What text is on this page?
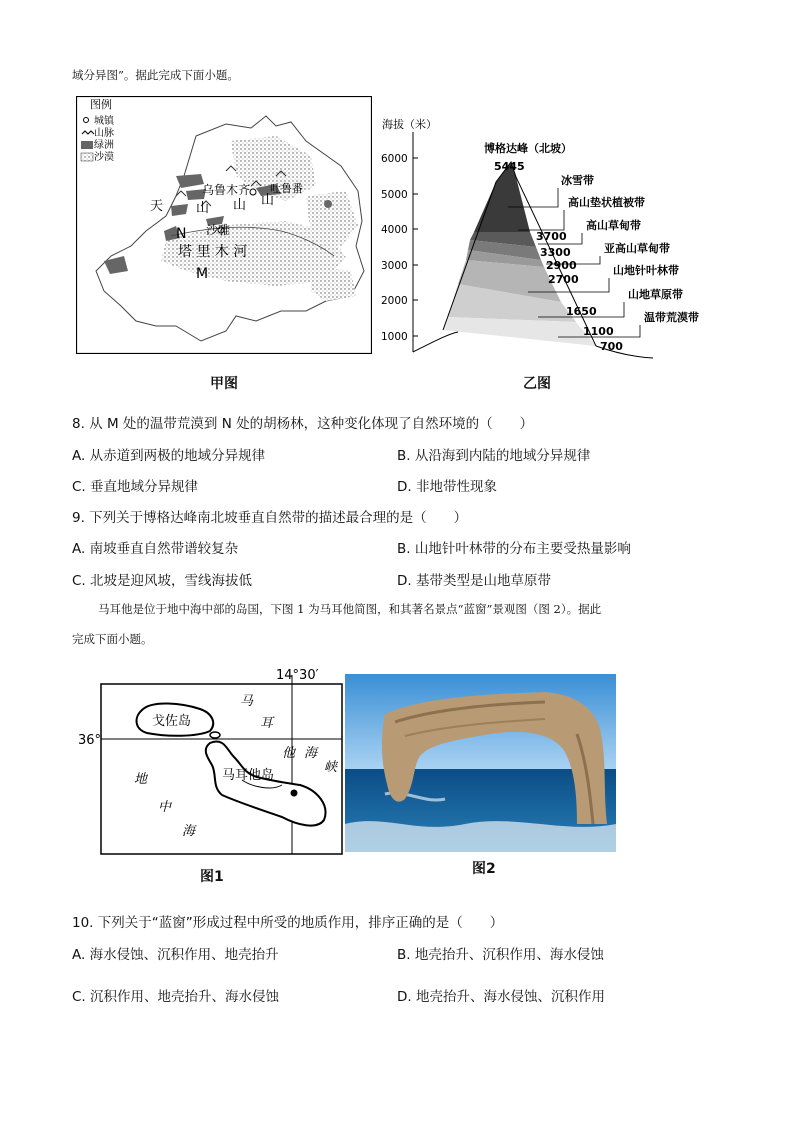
域分异图”。据此完成下面小题。
图例
城镇
山脉
绿洲
沙漠
天	山 山 山
乌鲁木齐 吐鲁番
沙雅
N
塔 里 木 河
M
甲图
海拔（米）
6000
5000
4000
3000
2000
1000
博格达峰（北坡）
5445
3700
3300
2900
2700
1650
1100
700
冰雪带
高山垫状植被带
高山草甸带
亚高山草甸带
山地针叶林带
山地草原带
温带荒漠带
乙图
8. 从 M 处的温带荒漠到 N 处的胡杨林，这种变化体现了自然环境的（　　）
A. 从赤道到两极的地域分异规律	B. 从沿海到内陆的地域分异规律
C. 垂直地域分异规律	D. 非地带性现象
9. 下列关于博格达峰南北坡垂直自然带的描述最合理的是（　　）
A. 南坡垂直自然带谱较复杂	B. 山地针叶林带的分布主要受热量影响
C. 北坡是迎风坡，雪线海拔低	D. 基带类型是山地草原带
马耳他是位于地中海中部的岛国，下图 1 为马耳他简图，和其著名景点“蓝窗”景观图（图 2）。据此
完成下面小题。
14°30′
36°
戈佐岛
马耳他岛
马
耳
他 海
峡
地
中
海
图1	图2
10. 下列关于“蓝窗”形成过程中所受的地质作用，排序正确的是（　　）
A. 海水侵蚀、沉积作用、地壳抬升	B. 地壳抬升、沉积作用、海水侵蚀
C. 沉积作用、地壳抬升、海水侵蚀	D. 地壳抬升、海水侵蚀、沉积作用
